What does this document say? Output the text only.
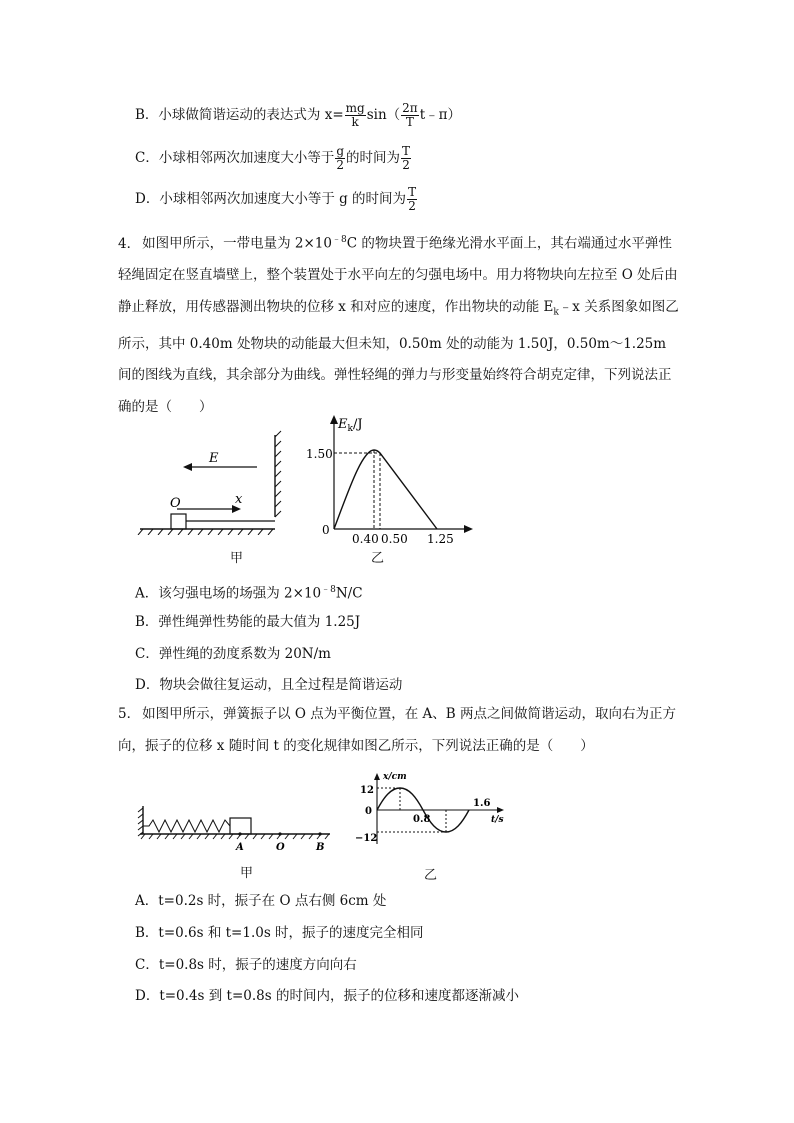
B．小球做简谐运动的表达式为 $x= \frac{mg}{k} \sin( \frac{2\pi}{T}$ t﹣π）
C．小球相邻两次加速度大小等于 $\frac{g}{2}$ 的时间为 $\frac{T}{2}$
D．小球相邻两次加速度大小等于 g 的时间为 $\frac{T}{2}$
4． 如图甲所示，一带电量为 $2\times 10^{﹣8}C$ 的物块置于绝缘光滑水平面上，其右端通过水平弹性轻绳固定在竖直墙壁上，整个装置处于水平向左的匀强电场中。用力将物块向左拉至 O 处后由静止释放，用传感器测出物块的位移 x 和对应的速度，作出物块的动能 $E_k﹣x$ 关系图象如图乙所示，其中 0.40m 处物块的动能最大但未知，0.50m 处的动能为 1.50J，0.50m～1.25m 间的图线为直线，其余部分为曲线。弹性轻绳的弹力与形变量始终符合胡克定律，下列说法正确的是（　　）
E
O	x
甲
$E_k/J$
1.50
0
0.40 0.50 1.25
乙
A．该匀强电场的场强为 $2\times 10^{﹣8}N/C$
B．弹性绳弹性势能的最大值为 1.25J
C．弹性绳的劲度系数为 20N/m
D．物块会做往复运动，且全过程是简谐运动
5． 如图甲所示，弹簧振子以 O 点为平衡位置，在 A、B 两点之间做简谐运动，取向右为正方向，振子的位移 x 随时间 t 的变化规律如图乙所示，下列说法正确的是（　　）
A	O	B
甲
x/cm
12
0
−12
0.8
1.6
t/s
乙
A．t=0.2s 时，振子在 O 点右侧 6cm 处
B．t=0.6s 和 t=1.0s 时，振子的速度完全相同
C．t=0.8s 时，振子的速度方向向右
D．t=0.4s 到 t=0.8s 的时间内，振子的位移和速度都逐渐减小
